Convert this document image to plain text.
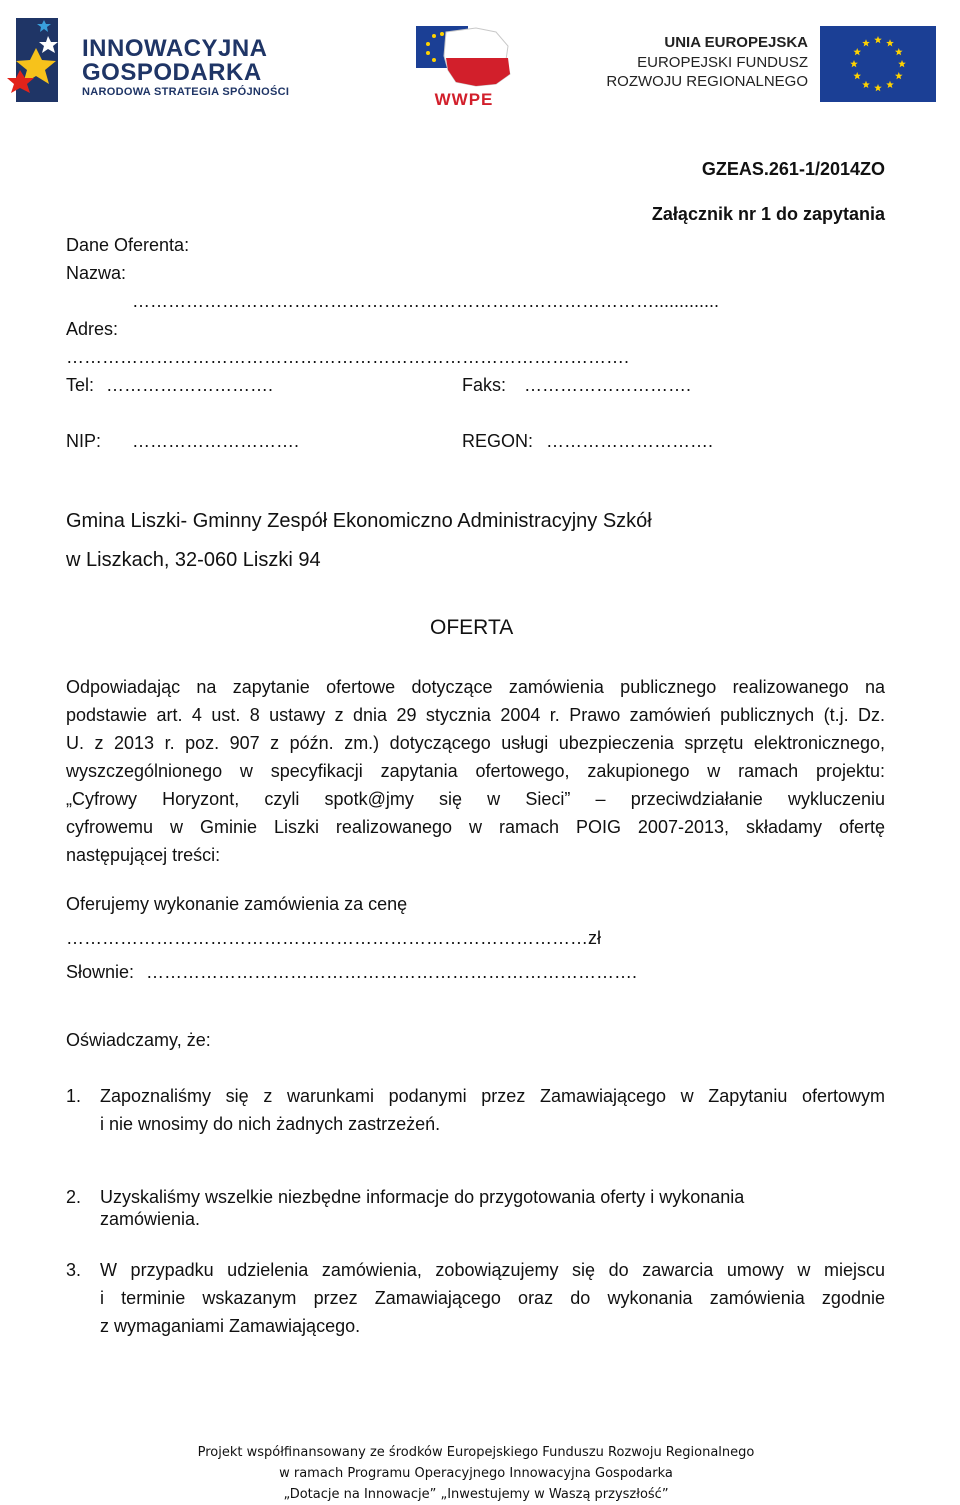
INNOWACYJNA
GOSPODARKA
NARODOWA STRATEGIA SPÓJNOŚCI	WWPE
UNIA EUROPEJSKA
EUROPEJSKI FUNDUSZ
ROZWOJU REGIONALNEGO
GZEAS.261-1/2014ZO
Załącznik nr 1 do zapytania
Dane Oferenta:
Nazwa:
…………………………………………………………………………….............
Adres:
………………………………………………………………………………….
Tel: ……………………….	Faks: ……………………….
NIP: ……………………….	REGON: ……………………….
Gmina Liszki- Gminny Zespół Ekonomiczno Administracyjny Szkół
w Liszkach, 32-060 Liszki 94
OFERTA
Odpowiadając na zapytanie ofertowe dotyczące zamówienia publicznego realizowanego na
podstawie art. 4 ust. 8 ustawy z dnia 29 stycznia 2004 r. Prawo zamówień publicznych (t.j. Dz.
U. z 2013 r. poz. 907 z późn. zm.) dotyczącego usługi ubezpieczenia sprzętu elektronicznego,
wyszczególnionego w specyfikacji zapytania ofertowego, zakupionego w ramach projektu:
„Cyfrowy Horyzont, czyli spotk@jmy się w Sieci” – przeciwdziałanie wykluczeniu
cyfrowemu w Gminie Liszki realizowanego w ramach POIG 2007-2013, składamy ofertę
następującej treści:
Oferujemy wykonanie zamówienia za cenę
……………………………………………………………………………zł
Słownie: ……………………………………………………………………….
Oświadczamy, że:
1. Zapoznaliśmy się z warunkami podanymi przez Zamawiającego w Zapytaniu ofertowym
i nie wnosimy do nich żadnych zastrzeżeń.
2. Uzyskaliśmy wszelkie niezbędne informacje do przygotowania oferty i wykonania
zamówienia.
3. W przypadku udzielenia zamówienia, zobowiązujemy się do zawarcia umowy w miejscu
i terminie wskazanym przez Zamawiającego oraz do wykonania zamówienia zgodnie
z wymaganiami Zamawiającego.
Projekt współfinansowany ze środków Europejskiego Funduszu Rozwoju Regionalnego
w ramach Programu Operacyjnego Innowacyjna Gospodarka
„Dotacje na Innowacje” „Inwestujemy w Waszą przyszłość”
